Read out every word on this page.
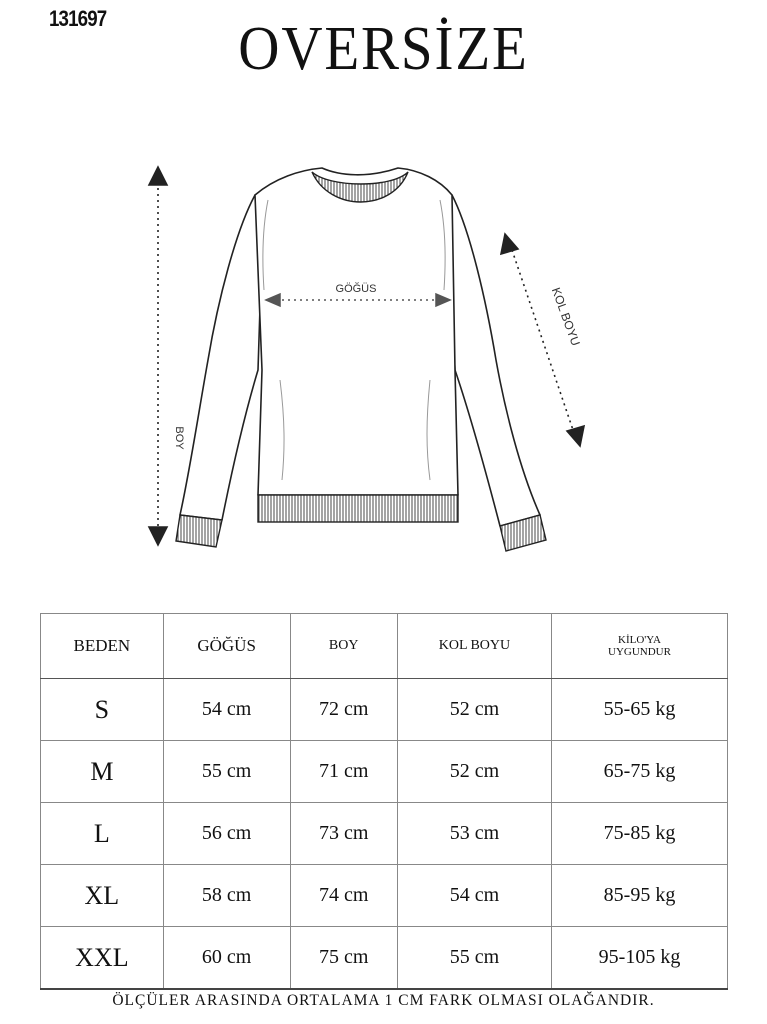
131697	OVERSİZE
GÖĞÜS
BOY
KOL BOYU
BEDEN	GÖĞÜS	BOY	KOL BOYU	KİLO'YA
UYGUNDUR

S	54 cm	72 cm	52 cm	55-65 kg
M	55 cm	71 cm	52 cm	65-75 kg
L	56 cm	73 cm	53 cm	75-85 kg
XL	58 cm	74 cm	54 cm	85-95 kg
XXL	60 cm	75 cm	55 cm	95-105 kg
ÖLÇÜLER ARASINDA ORTALAMA 1 CM FARK OLMASI OLAĞANDIR.
